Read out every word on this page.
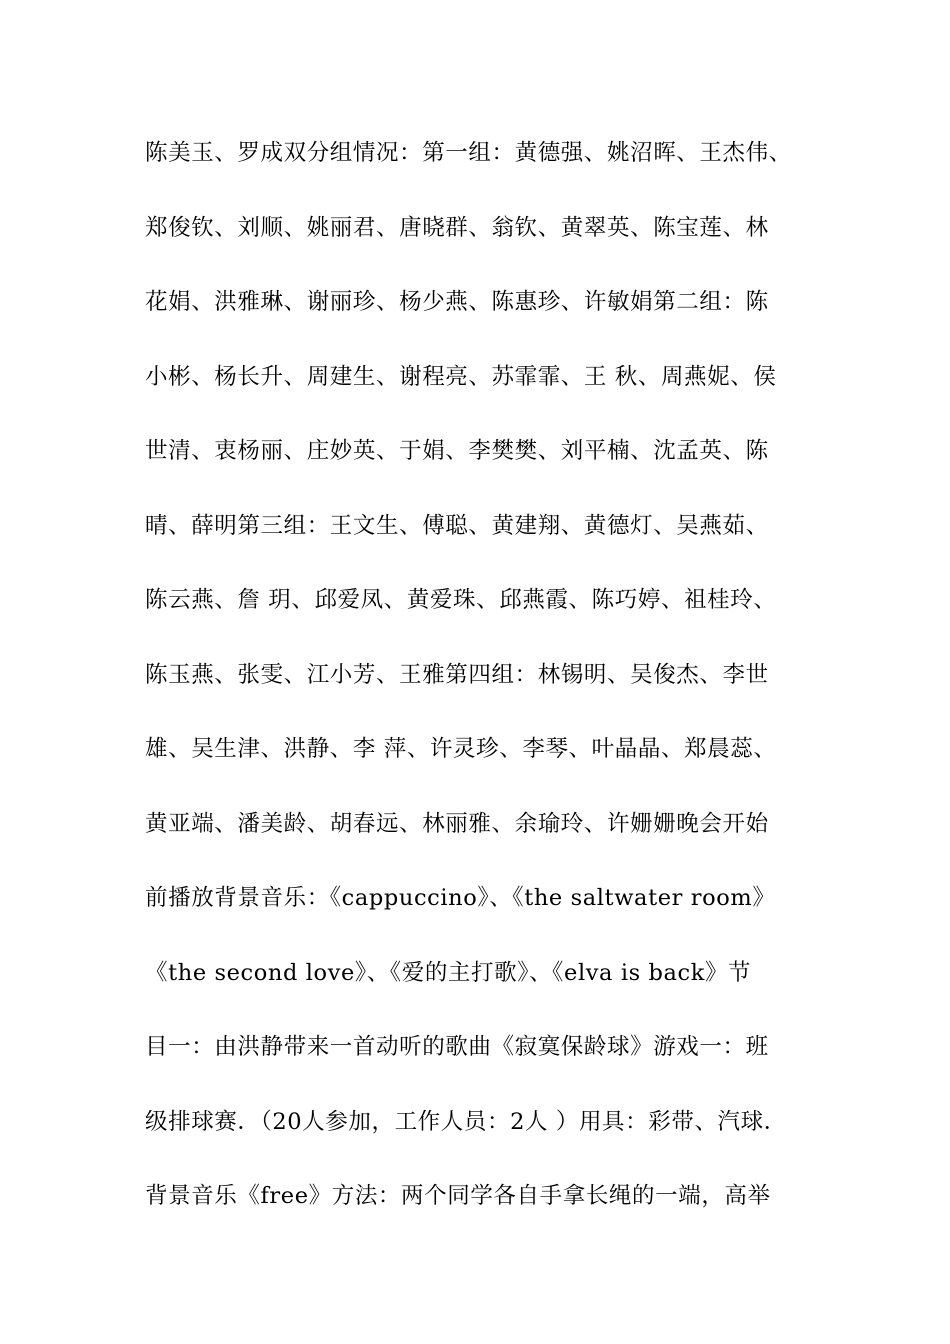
陈美玉、罗成双分组情况：第一组：黄德强、姚沼晖、王杰伟、
郑俊钦、刘顺、姚丽君、唐晓群、翁钦、黄翠英、陈宝莲、林
花娟、洪雅琳、谢丽珍、杨少燕、陈惠珍、许敏娟第二组：陈
小彬、杨长升、周建生、谢程亮、苏霏霏、王 秋、周燕妮、侯
世清、衷杨丽、庄妙英、于娟、李樊樊、刘平楠、沈孟英、陈
晴、薛明第三组：王文生、傅聪、黄建翔、黄德灯、吴燕茹、
陈云燕、詹 玥、邱爱凤、黄爱珠、邱燕霞、陈巧婷、祖桂玲、
陈玉燕、张雯、江小芳、王雅第四组：林锡明、吴俊杰、李世
雄、吴生津、洪静、李 萍、许灵珍、李琴、叶晶晶、郑晨蕊、
黄亚端、潘美龄、胡春远、林丽雅、余瑜玲、许姗姗晚会开始
前播放背景音乐：《cappuccino》、《the saltwater room》
《the second love》、《爱的主打歌》、《elva is back》节
目一：由洪静带来一首动听的歌曲《寂寞保龄球》游戏一：班
级排球赛．（20人参加，工作人员：2人 ）用具：彩带、汽球．
背景音乐《free》方法：两个同学各自手拿长绳的一端，高举
